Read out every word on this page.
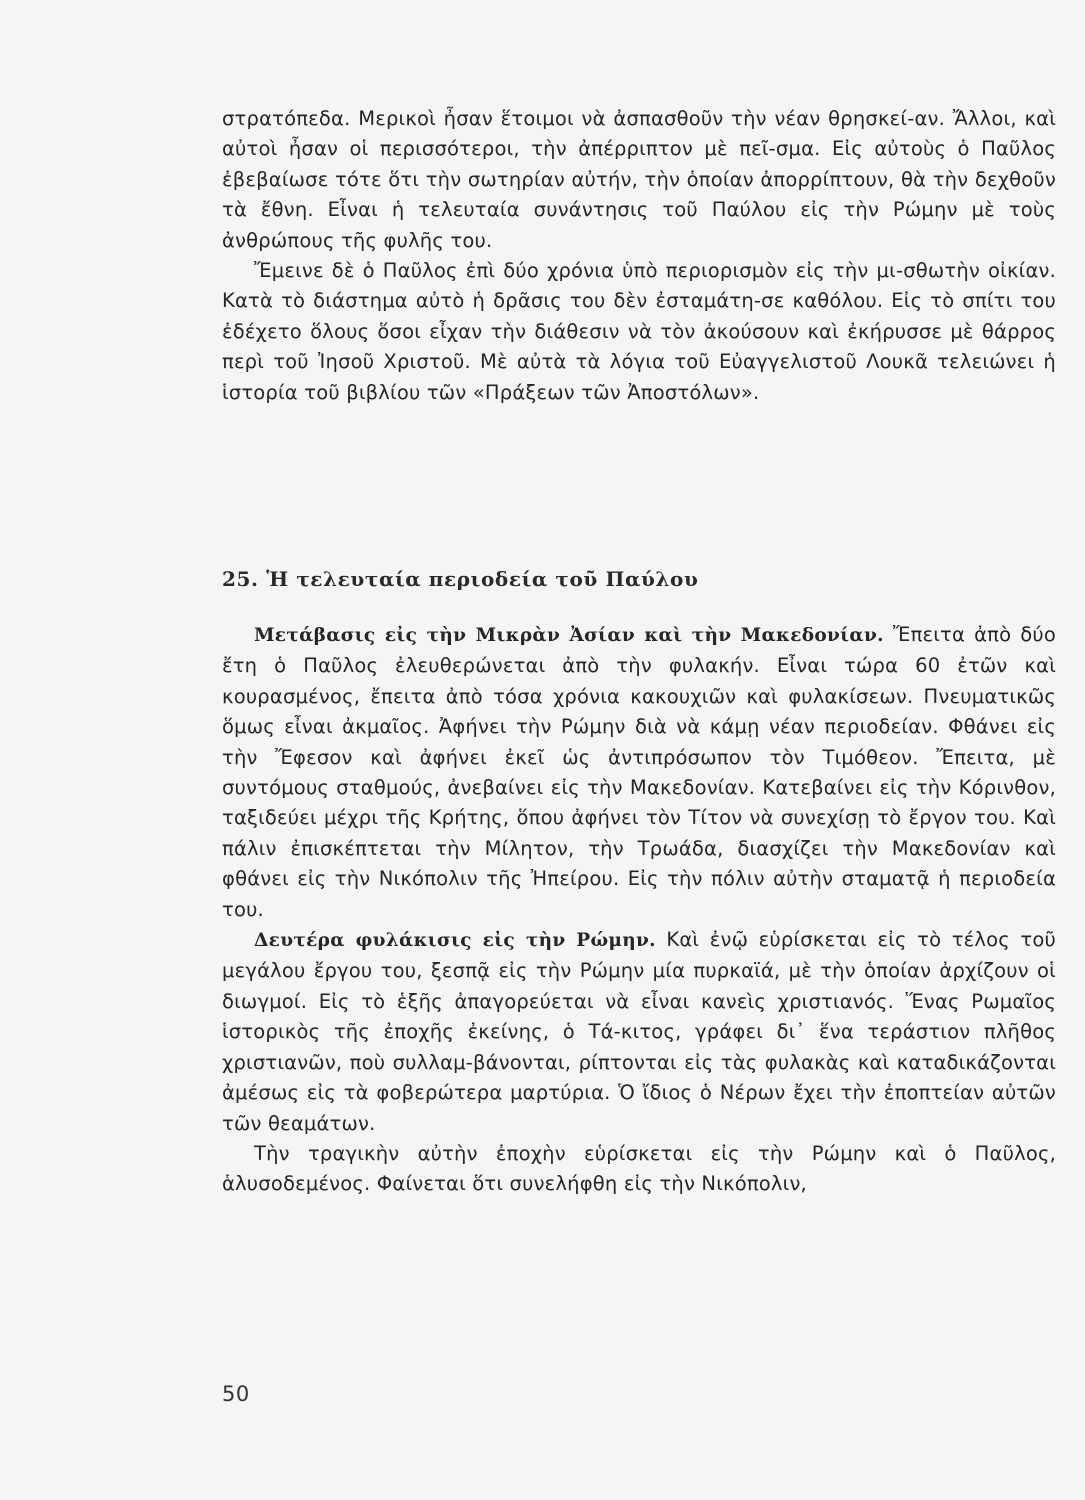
στρατόπεδα. Μερικοὶ ἦσαν ἕτοιμοι νὰ ἀσπασθοῦν τὴν νέαν θρησκεί-αν. Ἄλλοι, καὶ αὐτοὶ ἦσαν οἱ περισσότεροι, τὴν ἀπέρριπτον μὲ πεῖ-σμα. Εἰς αὐτοὺς ὁ Παῦλος ἐβεβαίωσε τότε ὅτι τὴν σωτηρίαν αὐτήν, τὴν ὁποίαν ἀπορρίπτουν, θὰ τὴν δεχθοῦν τὰ ἔθνη. Εἶναι ἡ τελευταία συνάντησις τοῦ Παύλου εἰς τὴν Ρώμην μὲ τοὺς ἀνθρώπους τῆς φυλῆς του.

Ἔμεινε δὲ ὁ Παῦλος ἐπὶ δύο χρόνια ὑπὸ περιορισμὸν εἰς τὴν μι-σθωτὴν οἰκίαν. Κατὰ τὸ διάστημα αὐτὸ ἡ δρᾶσις του δὲν ἐσταμάτη-σε καθόλου. Εἰς τὸ σπίτι του ἐδέχετο ὅλους ὅσοι εἶχαν τὴν διάθεσιν νὰ τὸν ἀκούσουν καὶ ἐκήρυσσε μὲ θάρρος περὶ τοῦ Ἰησοῦ Χριστοῦ. Μὲ αὐτὰ τὰ λόγια τοῦ Εὐαγγελιστοῦ Λουκᾶ τελειώνει ἡ ἱστορία τοῦ βιβλίου τῶν «Πράξεων τῶν Ἀποστόλων».

25. Ἡ τελευταία περιοδεία τοῦ Παύλου

Μετάβασις εἰς τὴν Μικρὰν Ἀσίαν καὶ τὴν Μακεδονίαν. Ἔπειτα ἀπὸ δύο ἔτη ὁ Παῦλος ἐλευθερώνεται ἀπὸ τὴν φυλακήν. Εἶναι τώρα 60 ἐτῶν καὶ κουρασμένος, ἔπειτα ἀπὸ τόσα χρόνια κακουχιῶν καὶ φυλακίσεων. Πνευματικῶς ὅμως εἶναι ἀκμαῖος. Ἀφήνει τὴν Ρώμην διὰ νὰ κάμῃ νέαν περιοδείαν. Φθάνει εἰς τὴν Ἔφεσον καὶ ἀφήνει ἐκεῖ ὡς ἀντιπρόσωπον τὸν Τιμόθεον. Ἔπειτα, μὲ συντόμους σταθμούς, ἀνεβαίνει εἰς τὴν Μακεδονίαν. Κατεβαίνει εἰς τὴν Κόρινθον, ταξιδεύει μέχρι τῆς Κρήτης, ὅπου ἀφήνει τὸν Τίτον νὰ συνεχίσῃ τὸ ἔργον του. Καὶ πάλιν ἐπισκέπτεται τὴν Μίλητον, τὴν Τρωάδα, διασχίζει τὴν Μακεδονίαν καὶ φθάνει εἰς τὴν Νικόπολιν τῆς Ἠπείρου. Εἰς τὴν πόλιν αὐτὴν σταματᾷ ἡ περιοδεία του.

Δευτέρα φυλάκισις εἰς τὴν Ρώμην. Καὶ ἐνῷ εὑρίσκεται εἰς τὸ τέλος τοῦ μεγάλου ἔργου του, ξεσπᾷ εἰς τὴν Ρώμην μία πυρκαϊά, μὲ τὴν ὁποίαν ἀρχίζουν οἱ διωγμοί. Εἰς τὸ ἑξῆς ἀπαγορεύεται νὰ εἶναι κανεὶς χριστιανός. Ἕνας Ρωμαῖος ἱστορικὸς τῆς ἐποχῆς ἐκείνης, ὁ Τά-κιτος, γράφει δι᾽ ἕνα τεράστιον πλῆθος χριστιανῶν, ποὺ συλλαμ-βάνονται, ρίπτονται εἰς τὰς φυλακὰς καὶ καταδικάζονται ἀμέσως εἰς τὰ φοβερώτερα μαρτύρια. Ὁ ἴδιος ὁ Νέρων ἔχει τὴν ἐποπτείαν αὐτῶν τῶν θεαμάτων.

Τὴν τραγικὴν αὐτὴν ἐποχὴν εὑρίσκεται εἰς τὴν Ρώμην καὶ ὁ Παῦλος, ἁλυσοδεμένος. Φαίνεται ὅτι συνελήφθη εἰς τὴν Νικόπολιν,

50
